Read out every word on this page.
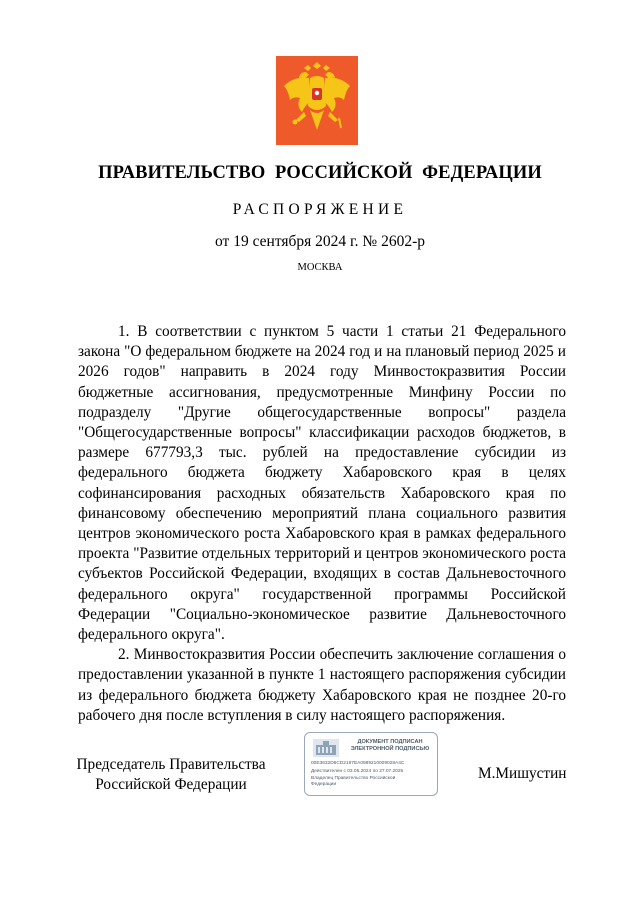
ПРАВИТЕЛЬСТВО РОССИЙСКОЙ ФЕДЕРАЦИИ
РАСПОРЯЖЕНИЕ
от 19 сентября 2024 г. № 2602-р
МОСКВА

1. В соответствии с пунктом 5 части 1 статьи 21 Федерального закона "О федеральном бюджете на 2024 год и на плановый период 2025 и 2026 годов" направить в 2024 году Минвостокразвития России бюджетные ассигнования, предусмотренные Минфину России по подразделу "Другие общегосударственные вопросы" раздела "Общегосударственные вопросы" классификации расходов бюджетов, в размере 677793,3 тыс. рублей на предоставление субсидии из федерального бюджета бюджету Хабаровского края в целях софинансирования расходных обязательств Хабаровского края по финансовому обеспечению мероприятий плана социального развития центров экономического роста Хабаровского края в рамках федерального проекта "Развитие отдельных территорий и центров экономического роста субъектов Российской Федерации, входящих в состав Дальневосточного федерального округа" государственной программы Российской Федерации "Социально-экономическое развитие Дальневосточного федерального округа".

2. Минвостокразвития России обеспечить заключение соглашения о предоставлении указанной в пункте 1 настоящего распоряжения субсидии из федерального бюджета бюджету Хабаровского края не позднее 20-го рабочего дня после вступления в силу настоящего распоряжения.

Председатель Правительства
Российской Федерации
ДОКУМЕНТ ПОДПИСАН
ЭЛЕКТРОННОЙ ПОДПИСЬЮ
00E3632D6CD2197EA0989210009028A4C
Действителен с 03.05.2024 по 27.07.2025
Владелец Правительство Российской
Федерации
М.Мишустин
